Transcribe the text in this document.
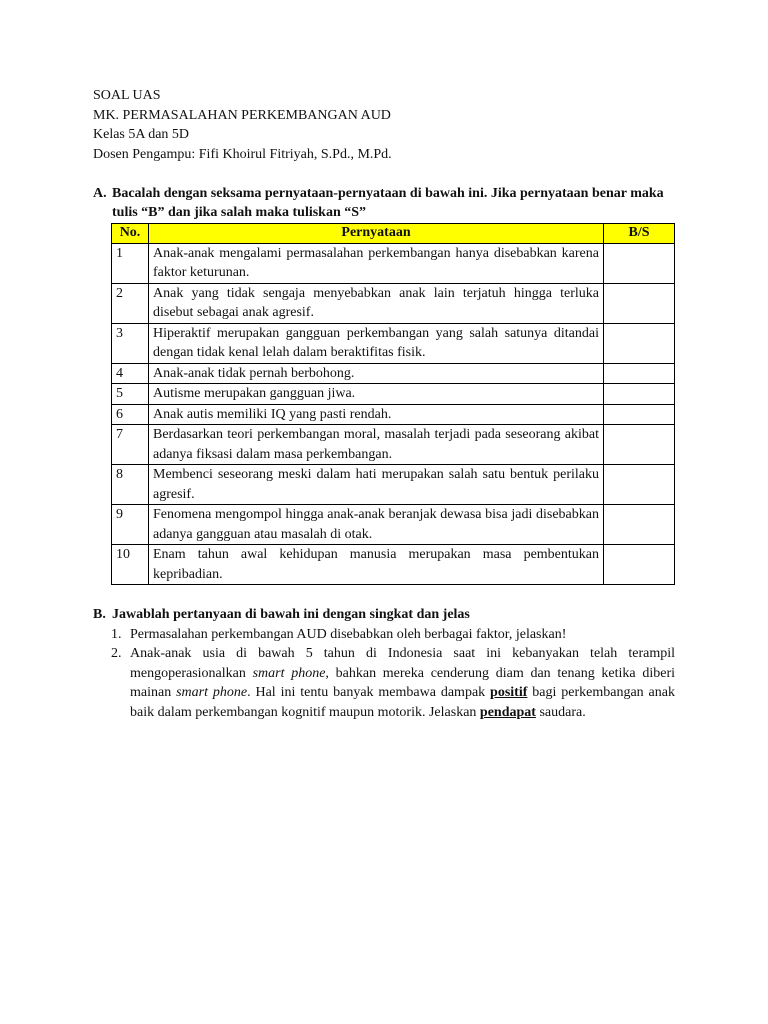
SOAL UAS

MK. PERMASALAHAN PERKEMBANGAN AUD

Kelas 5A dan 5D

Dosen Pengampu: Fifi Khoirul Fitriyah, S.Pd., M.Pd.

A. Bacalah dengan seksama pernyataan-pernyataan di bawah ini. Jika pernyataan benar maka tulis “B” dan jika salah maka tuliskan “S”
No.	Pernyataan	B/S
1	Anak-anak mengalami permasalahan perkembangan hanya disebabkan karena faktor keturunan.	
2	Anak yang tidak sengaja menyebabkan anak lain terjatuh hingga terluka disebut sebagai anak agresif.	
3	Hiperaktif merupakan gangguan perkembangan yang salah satunya ditandai dengan tidak kenal lelah dalam beraktifitas fisik.	
4	Anak-anak tidak pernah berbohong.	
5	Autisme merupakan gangguan jiwa.	
6	Anak autis memiliki IQ yang pasti rendah.	
7	Berdasarkan teori perkembangan moral, masalah terjadi pada seseorang akibat adanya fiksasi dalam masa perkembangan.	
8	Membenci seseorang meski dalam hati merupakan salah satu bentuk perilaku agresif.	
9	Fenomena mengompol hingga anak-anak beranjak dewasa bisa jadi disebabkan adanya gangguan atau masalah di otak.	
10	Enam tahun awal kehidupan manusia merupakan masa pembentukan kepribadian.	
B. Jawablah pertanyaan di bawah ini dengan singkat dan jelas
1. Permasalahan perkembangan AUD disebabkan oleh berbagai faktor, jelaskan!
2. Anak-anak usia di bawah 5 tahun di Indonesia saat ini kebanyakan telah terampil mengoperasionalkan smart phone, bahkan mereka cenderung diam dan tenang ketika diberi mainan smart phone. Hal ini tentu banyak membawa dampak positif bagi perkembangan anak baik dalam perkembangan kognitif maupun motorik. Jelaskan pendapat saudara.
